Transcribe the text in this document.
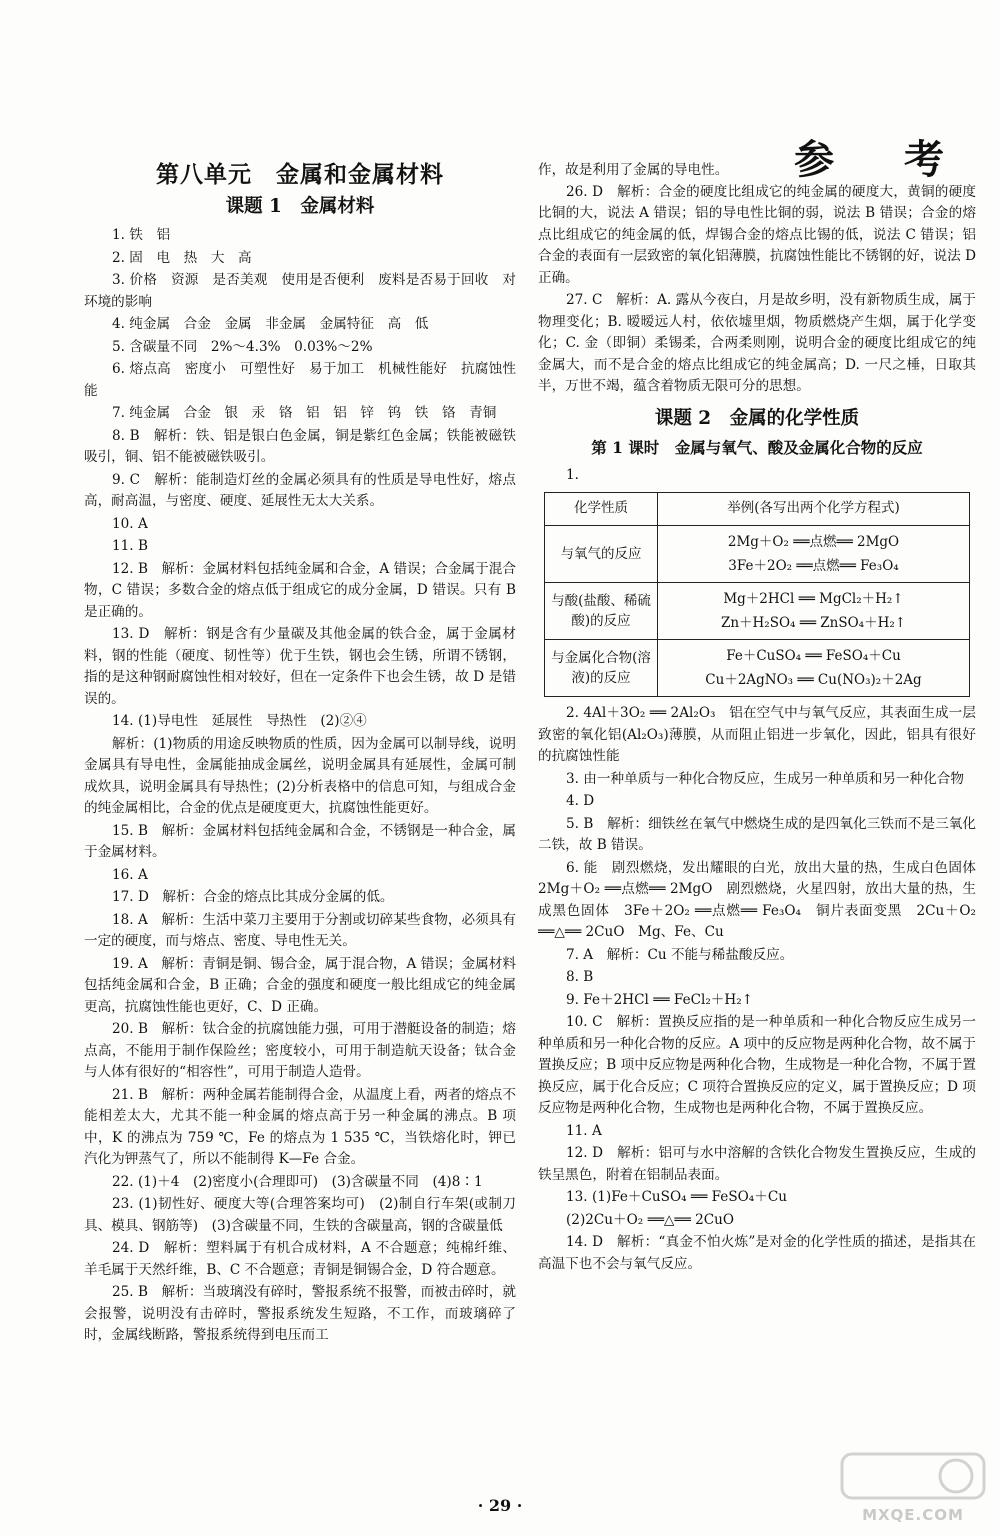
参 考
第八单元　金属和金属材料
课题 1　金属材料

1. 铁　铝

2. 固　电　热　大　高

3. 价格　资源　是否美观　使用是否便利　废料是否易于回收　对环境的影响

4. 纯金属　合金　金属　非金属　金属特征　高　低

5. 含碳量不同　2%～4.3%　0.03%～2%

6. 熔点高　密度小　可塑性好　易于加工　机械性能好　抗腐蚀性能

7. 纯金属　合金　银　汞　铬　铝　铝　锌　钨　铁　铬　青铜

8. B　解析：铁、铝是银白色金属，铜是紫红色金属；铁能被磁铁吸引，铜、铝不能被磁铁吸引。

9. C　解析：能制造灯丝的金属必须具有的性质是导电性好，熔点高，耐高温，与密度、硬度、延展性无太大关系。

10. A

11. B

12. B　解析：金属材料包括纯金属和合金，A 错误；合金属于混合物，C 错误；多数合金的熔点低于组成它的成分金属，D 错误。只有 B 是正确的。

13. D　解析：钢是含有少量碳及其他金属的铁合金，属于金属材料，钢的性能（硬度、韧性等）优于生铁，钢也会生锈，所谓不锈钢，指的是这种钢耐腐蚀性相对较好，但在一定条件下也会生锈，故 D 是错误的。

14. (1)导电性　延展性　导热性　(2)②④

解析：(1)物质的用途反映物质的性质，因为金属可以制导线，说明金属具有导电性，金属能抽成金属丝，说明金属具有延展性，金属可制成炊具，说明金属具有导热性；(2)分析表格中的信息可知，与组成合金的纯金属相比，合金的优点是硬度更大，抗腐蚀性能更好。

15. B　解析：金属材料包括纯金属和合金，不锈钢是一种合金，属于金属材料。

16. A

17. D　解析：合金的熔点比其成分金属的低。

18. A　解析：生活中菜刀主要用于分割或切碎某些食物，必须具有一定的硬度，而与熔点、密度、导电性无关。

19. A　解析：青铜是铜、锡合金，属于混合物，A 错误；金属材料包括纯金属和合金，B 正确；合金的强度和硬度一般比组成它的纯金属更高，抗腐蚀性能也更好，C、D 正确。

20. B　解析：钛合金的抗腐蚀能力强，可用于潜艇设备的制造；熔点高，不能用于制作保险丝；密度较小，可用于制造航天设备；钛合金与人体有很好的“相容性”，可用于制造人造骨。

21. B　解析：两种金属若能制得合金，从温度上看，两者的熔点不能相差太大，尤其不能一种金属的熔点高于另一种金属的沸点。B 项中，K 的沸点为 759 ℃，Fe 的熔点为 1 535 ℃，当铁熔化时，钾已汽化为钾蒸气了，所以不能制得 K—Fe 合金。

22. (1)＋4　(2)密度小(合理即可)　(3)含碳量不同　(4)8∶1

23. (1)韧性好、硬度大等(合理答案均可)　(2)制自行车架(或制刀具、模具、钢筋等)　(3)含碳量不同，生铁的含碳量高，钢的含碳量低

24. D　解析：塑料属于有机合成材料，A 不合题意；纯棉纤维、羊毛属于天然纤维，B、C 不合题意；青铜是铜锡合金，D 符合题意。

25. B　解析：当玻璃没有碎时，警报系统不报警，而被击碎时，就会报警，说明没有击碎时，警报系统发生短路，不工作，而玻璃碎了时，金属线断路，警报系统得到电压而工

作，故是利用了金属的导电性。

26. D　解析：合金的硬度比组成它的纯金属的硬度大，黄铜的硬度比铜的大，说法 A 错误；铝的导电性比铜的弱，说法 B 错误；合金的熔点比组成它的纯金属的低，焊锡合金的熔点比锡的低，说法 C 错误；铝合金的表面有一层致密的氧化铝薄膜，抗腐蚀性能比不锈钢的好，说法 D 正确。

27. C　解析：A. 露从今夜白，月是故乡明，没有新物质生成，属于物理变化；B. 暧暧远人村，依依墟里烟，物质燃烧产生烟，属于化学变化；C. 金（即铜）柔锡柔，合两柔则刚，说明合金的硬度比组成它的纯金属大，而不是合金的熔点比组成它的纯金属高；D. 一尺之棰，日取其半，万世不竭，蕴含着物质无限可分的思想。

课题 2　金属的化学性质
第 1 课时　金属与氧气、酸及金属化合物的反应

1.

化学性质	举例(各写出两个化学方程式)
与氧气的反应	2Mg＋O₂ ══点燃══ 2MgO
3Fe＋2O₂ ══点燃══ Fe₃O₄

与酸(盐酸、稀硫酸)的反应	Mg＋2HCl ══ MgCl₂＋H₂↑
Zn＋H₂SO₄ ══ ZnSO₄＋H₂↑

与金属化合物(溶液)的反应	Fe＋CuSO₄ ══ FeSO₄＋Cu
Cu＋2AgNO₃ ══ Cu(NO₃)₂＋2Ag

2. 4Al＋3O₂ ══ 2Al₂O₃　铝在空气中与氧气反应，其表面生成一层致密的氧化铝(Al₂O₃)薄膜，从而阻止铝进一步氧化，因此，铝具有很好的抗腐蚀性能

3. 由一种单质与一种化合物反应，生成另一种单质和另一种化合物

4. D

5. B　解析：细铁丝在氧气中燃烧生成的是四氧化三铁而不是三氧化二铁，故 B 错误。

6. 能　剧烈燃烧，发出耀眼的白光，放出大量的热，生成白色固体　2Mg＋O₂ ══点燃══ 2MgO　剧烈燃烧，火星四射，放出大量的热，生成黑色固体　3Fe＋2O₂ ══点燃══ Fe₃O₄　铜片表面变黑　2Cu＋O₂ ══△══ 2CuO　Mg、Fe、Cu

7. A　解析：Cu 不能与稀盐酸反应。

8. B

9. Fe＋2HCl ══ FeCl₂＋H₂↑

10. C　解析：置换反应指的是一种单质和一种化合物反应生成另一种单质和另一种化合物的反应。A 项中的反应物是两种化合物，故不属于置换反应；B 项中反应物是两种化合物，生成物是一种化合物，不属于置换反应，属于化合反应；C 项符合置换反应的定义，属于置换反应；D 项反应物是两种化合物，生成物也是两种化合物，不属于置换反应。

11. A

12. D　解析：铝可与水中溶解的含铁化合物发生置换反应，生成的铁呈黑色，附着在铝制品表面。

13. (1)Fe＋CuSO₄ ══ FeSO₄＋Cu

(2)2Cu＋O₂ ══△══ 2CuO

14. D　解析：“真金不怕火炼”是对金的化学性质的描述，是指其在高温下也不会与氧气反应。

· 29 ·	MXQE.COM
